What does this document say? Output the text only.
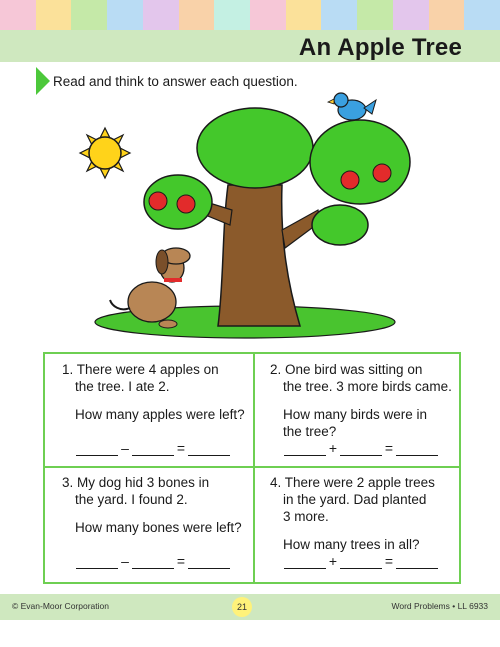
An Apple Tree
Read and think to answer each question.
1. There were 4 apples on
the tree. I ate 2.
How many apples were left?
–	=
2. One bird was sitting on
the tree. 3 more birds came.
How many birds were in
the tree?
+	=
3. My dog hid 3 bones in
the yard. I found 2.
How many bones were left?
–	=
4. There were 2 apple trees
in the yard. Dad planted
3 more.
How many trees in all?
+	=
© Evan-Moor Corporation	21	Word Problems • LL 6933
